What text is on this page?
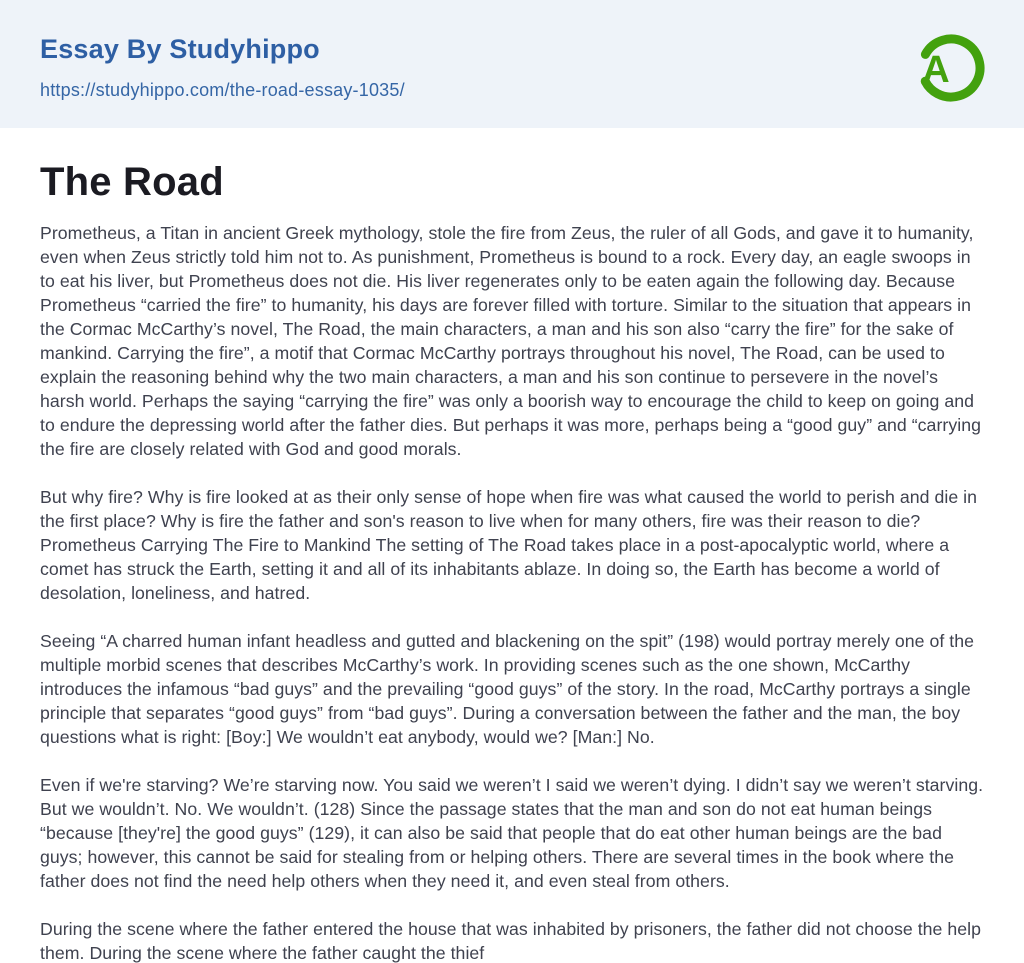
Essay By Studyhippo
https://studyhippo.com/the-road-essay-1035/	A
The Road

Prometheus, a Titan in ancient Greek mythology, stole the fire from Zeus, the ruler of all Gods, and gave it to humanity, even when Zeus strictly told him not to. As punishment, Prometheus is bound to a rock. Every day, an eagle swoops in to eat his liver, but Prometheus does not die. His liver regenerates only to be eaten again the following day. Because Prometheus “carried the fire” to humanity, his days are forever filled with torture. Similar to the situation that appears in the Cormac McCarthy’s novel, The Road, the main characters, a man and his son also “carry the fire” for the sake of mankind. Carrying the fire”, a motif that Cormac McCarthy portrays throughout his novel, The Road, can be used to explain the reasoning behind why the two main characters, a man and his son continue to persevere in the novel’s harsh world. Perhaps the saying “carrying the fire” was only a boorish way to encourage the child to keep on going and to endure the depressing world after the father dies. But perhaps it was more, perhaps being a “good guy” and “carrying the fire are closely related with God and good morals.

But why fire? Why is fire looked at as their only sense of hope when fire was what caused the world to perish and die in the first place? Why is fire the father and son's reason to live when for many others, fire was their reason to die? Prometheus Carrying The Fire to Mankind The setting of The Road takes place in a post-apocalyptic world, where a comet has struck the Earth, setting it and all of its inhabitants ablaze. In doing so, the Earth has become a world of desolation, loneliness, and hatred.

Seeing “A charred human infant headless and gutted and blackening on the spit” (198) would portray merely one of the multiple morbid scenes that describes McCarthy’s work. In providing scenes such as the one shown, McCarthy introduces the infamous “bad guys” and the prevailing “good guys” of the story. In the road, McCarthy portrays a single principle that separates “good guys” from “bad guys”. During a conversation between the father and the man, the boy questions what is right: [Boy:] We wouldn’t eat anybody, would we? [Man:] No.

Even if we're starving? We’re starving now. You said we weren’t I said we weren’t dying. I didn’t say we weren’t starving. But we wouldn’t. No. We wouldn’t. (128) Since the passage states that the man and son do not eat human beings “because [they're] the good guys” (129), it can also be said that people that do eat other human beings are the bad guys; however, this cannot be said for stealing from or helping others. There are several times in the book where the father does not find the need help others when they need it, and even steal from others.

During the scene where the father entered the house that was inhabited by prisoners, the father did not choose the help them. During the scene where the father caught the thief
